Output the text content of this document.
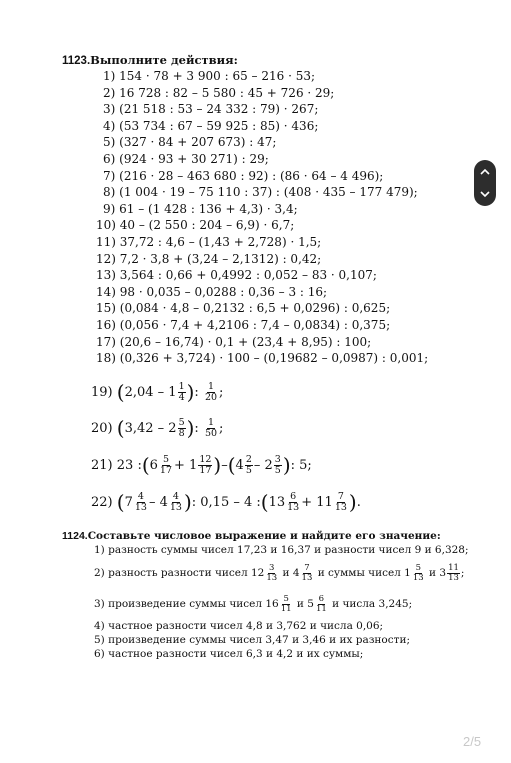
1123.Выполните действия:
1) 154 · 78 + 3 900 : 65 – 216 · 53;
2) 16 728 : 82 – 5 580 : 45 + 726 · 29;
3) (21 518 : 53 – 24 332 : 79) · 267;
4) (53 734 : 67 – 59 925 : 85) · 436;
5) (327 · 84 + 207 673) : 47;
6) (924 · 93 + 30 271) : 29;
7) (216 · 28 – 463 680 : 92) : (86 · 64 – 4 496);
8) (1 004 · 19 – 75 110 : 37) : (408 · 435 – 177 479);
9) 61 – (1 428 : 136 + 4,3) · 3,4;
10) 40 – (2 550 : 204 – 6,9) · 6,7;
11) 37,72 : 4,6 – (1,43 + 2,728) · 1,5;
12) 7,2 · 3,8 + (3,24 – 2,1312) : 0,42;
13) 3,564 : 0,66 + 0,4992 : 0,052 – 83 · 0,107;
14) 98 · 0,035 – 0,0288 : 0,36 – 3 : 16;
15) (0,084 · 4,8 – 0,2132 : 6,5 + 0,0296) : 0,625;
16) (0,056 · 7,4 + 4,2106 : 7,4 – 0,0834) : 0,375;
17) (20,6 – 16,74) · 0,1 + (23,4 + 8,95) : 100;
18) (0,326 + 3,724) · 100 – (0,19682 – 0,0987) : 0,001;
19)
( $2,04 - 1 \frac{1}{4}$ ) :
$\frac{1}{20}$ ;
20)
( $3,42 - 2 \frac{5}{8}$ ) :
$\frac{1}{50}$ ;
21)
23 : ( $6 \frac{5}{17} + 1 \frac{12}{17}$ ) – ( $4 \frac{2}{5} - 2 \frac{3}{5}$ ) : 5;
22)
( $7 \frac{4}{13} - 4 \frac{4}{13}$ ) : 0,15 – 4 : ( $13 \frac{6}{13} + 11 \frac{7}{13}$ ) .
1124.Составьте числовое выражение и найдите его значение:
1) разность суммы чисел 17,23 и 16,37 и разности чисел 9 и 6,328;
2) разность разности чисел $12 \frac{3}{13}$
и $4 \frac{7}{13}$
и суммы чисел $1 \frac{5}{13}$
и $3 \frac{11}{13}$ ;
3) произведение суммы чисел $16 \frac{5}{11}$
и $5 \frac{6}{11}$
и числа 3,245;
4) частное разности чисел 4,8 и 3,762 и числа 0,06;
5) произведение суммы чисел 3,47 и 3,46 и их разности;
6) частное разности чисел 6,3 и 4,2 и их суммы;
2/5
